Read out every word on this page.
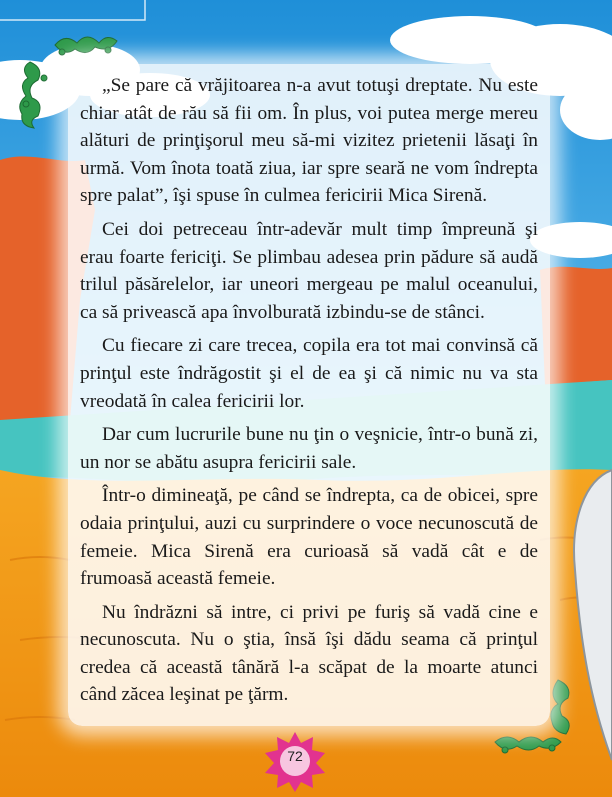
„Se pare că vrăjitoarea n-a avut totuşi dreptate. Nu este chiar atât de rău să fii om. În plus, voi putea merge mereu alături de prinţişorul meu să-mi vizitez prietenii lăsaţi în urmă. Vom înota toată ziua, iar spre seară ne vom îndrepta spre palat”, îşi spuse în culmea fericirii Mica Sirenă.

Cei doi petreceau într-adevăr mult timp împreună şi erau foarte fericiţi. Se plimbau adesea prin pădure să audă trilul păsărelelor, iar uneori mergeau pe malul oceanului, ca să privească apa învolburată izbindu-se de stânci.

Cu fiecare zi care trecea, copila era tot mai convinsă că prinţul este îndrăgostit şi el de ea şi că nimic nu va sta vreodată în calea fericirii lor.

Dar cum lucrurile bune nu ţin o veşnicie, într-o bună zi, un nor se abătu asupra fericirii sale.

Într-o dimineaţă, pe când se îndrepta, ca de obicei, spre odaia prinţului, auzi cu surprindere o voce necunoscută de femeie. Mica Sirenă era curioasă să vadă cât e de frumoasă această femeie.

Nu îndrăzni să intre, ci privi pe furiş să vadă cine e necunoscuta. Nu o ştia, însă îşi dădu seama că prinţul credea că această tânără l-a scăpat de la moarte atunci când zăcea leşinat pe ţărm.

72
